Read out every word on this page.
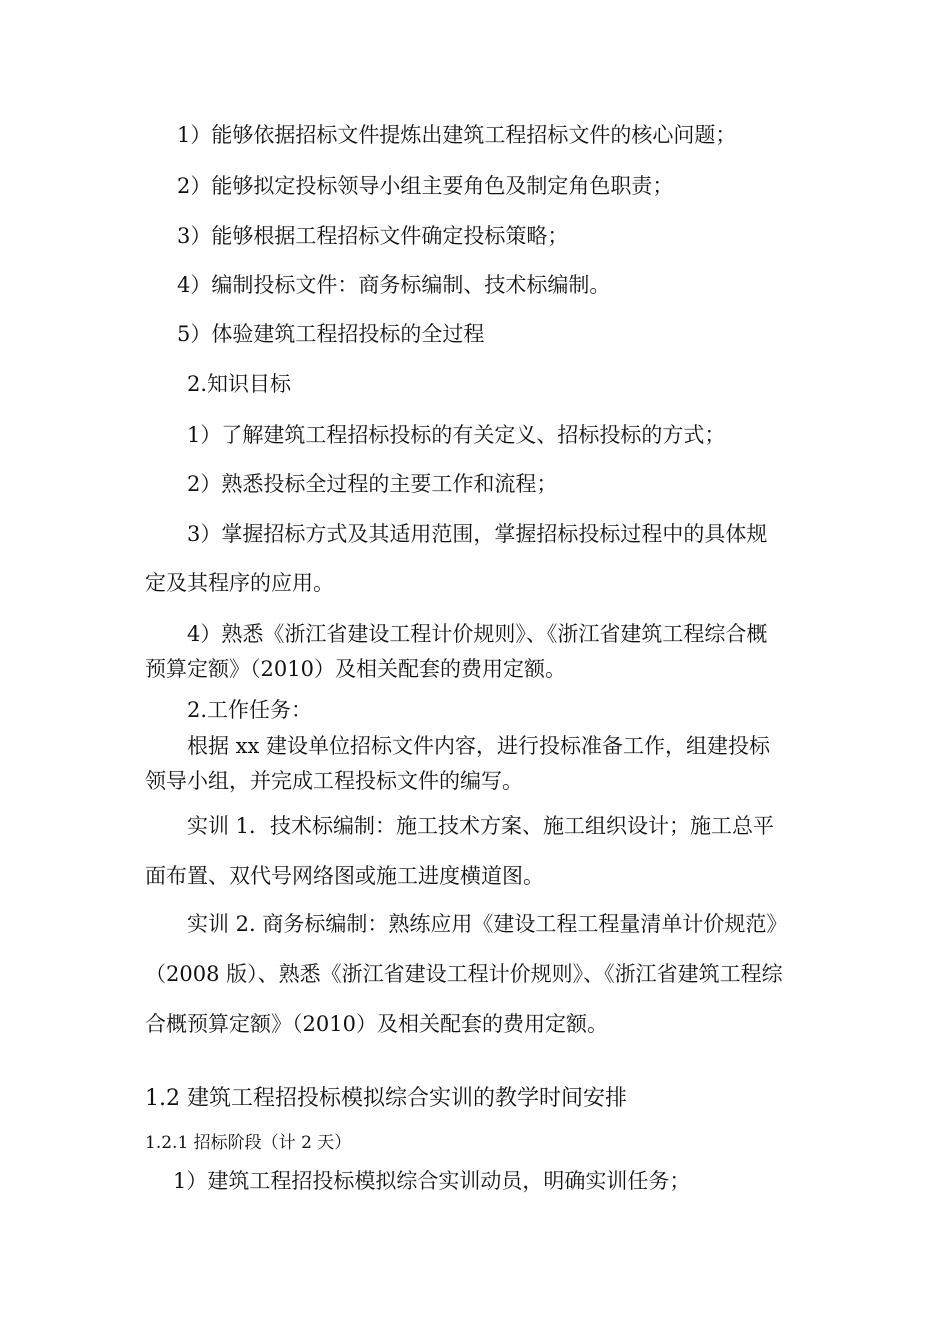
1）能够依据招标文件提炼出建筑工程招标文件的核心问题；
2）能够拟定投标领导小组主要角色及制定角色职责；
3）能够根据工程招标文件确定投标策略；
4）编制投标文件：商务标编制、技术标编制。
5）体验建筑工程招投标的全过程
2.知识目标
1）了解建筑工程招标投标的有关定义、招标投标的方式；
2）熟悉投标全过程的主要工作和流程；
3）掌握招标方式及其适用范围，掌握招标投标过程中的具体规
定及其程序的应用。
4）熟悉《浙江省建设工程计价规则》、《浙江省建筑工程综合概
预算定额》（2010）及相关配套的费用定额。
2.工作任务：
根据 xx 建设单位招标文件内容，进行投标准备工作，组建投标
领导小组，并完成工程投标文件的编写。
实训 1．技术标编制：施工技术方案、施工组织设计；施工总平
面布置、双代号网络图或施工进度横道图。
实训 2. 商务标编制：熟练应用《建设工程工程量清单计价规范》
（2008 版）、熟悉《浙江省建设工程计价规则》、《浙江省建筑工程综
合概预算定额》（2010）及相关配套的费用定额。
1.2 建筑工程招投标模拟综合实训的教学时间安排
1.2.1 招标阶段（计 2 天）
1）建筑工程招投标模拟综合实训动员，明确实训任务；
